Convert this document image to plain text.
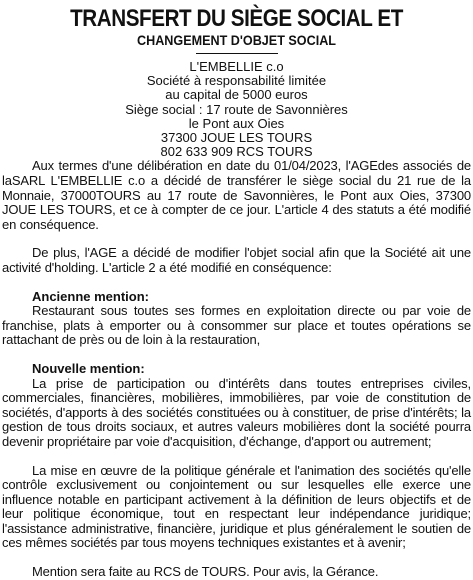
TRANSFERT DU SIÈGE SOCIAL ET
CHANGEMENT D'OBJET SOCIAL
L'EMBELLIE c.o
Société à responsabilité limitée
au capital de 5000 euros
Siège social : 17 route de Savonnières
le Pont aux Oies
37300 JOUE LES TOURS
802 633 909 RCS TOURS

Aux termes d'une délibération en date du 01/04/2023, l'AGEdes associés de laSARL L'EMBELLIE c.o a décidé de transférer le siège social du 21 rue de la Monnaie, 37000TOURS au 17 route de Savonnières, le Pont aux Oies, 37300 JOUE LES TOURS, et ce à compter de ce jour. L'article 4 des statuts a été modifié en conséquence.

De plus, l'AGE a décidé de modifier l'objet social afin que la Société ait une activité d'holding. L'article 2 a été modifié en conséquence:

Ancienne mention:

Restaurant sous toutes ses formes en exploitation directe ou par voie de franchise, plats à emporter ou à consommer sur place et toutes opérations se rattachant de près ou de loin à la restauration,

Nouvelle mention:

La prise de participation ou d'intérêts dans toutes entreprises civiles, commerciales, financières, mobilières, immobilières, par voie de constitution de sociétés, d'apports à des sociétés constituées ou à constituer, de prise d'intérêts; la gestion de tous droits sociaux, et autres valeurs mobilières dont la société pourra devenir propriétaire par voie d'acquisition, d'échange, d'apport ou autrement;

La mise en œuvre de la politique générale et l'animation des sociétés qu'elle contrôle exclusivement ou conjointement ou sur lesquelles elle exerce une influence notable en participant activement à la définition de leurs objectifs et de leur politique économique, tout en respectant leur indépendance juridique; l'assistance administrative, financière, juridique et plus généralement le soutien de ces mêmes sociétés par tous moyens techniques existantes et à avenir;

Mention sera faite au RCS de TOURS. Pour avis, la Gérance.
